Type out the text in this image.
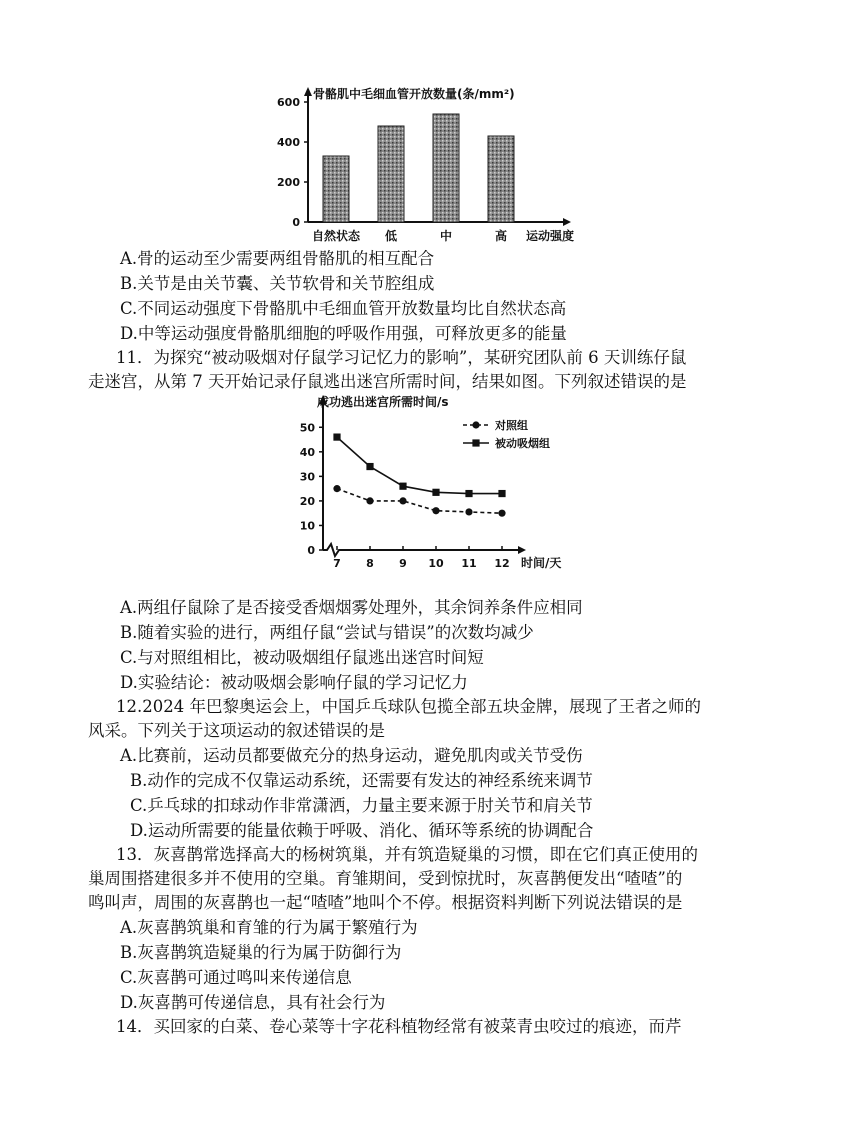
0
200
400
600
自然状态 低	中	高
骨骼肌中毛细血管开放数量(条/mm²)
运动强度
A.骨的运动至少需要两组骨骼肌的相互配合
B.关节是由关节囊、关节软骨和关节腔组成
C.不同运动强度下骨骼肌中毛细血管开放数量均比自然状态高
D.中等运动强度骨骼肌细胞的呼吸作用强，可释放更多的能量
11．为探究“被动吸烟对仔鼠学习记忆力的影响”，某研究团队前 6 天训练仔鼠
走迷宫，从第 7 天开始记录仔鼠逃出迷宫所需时间，结果如图。下列叙述错误的是
0
10
20
30
40
50
7 8 9 10 11 12
对照组
被动吸烟组
成功逃出迷宫所需时间/s
时间/天
A.两组仔鼠除了是否接受香烟烟雾处理外，其余饲养条件应相同
B.随着实验的进行，两组仔鼠“尝试与错误”的次数均减少
C.与对照组相比，被动吸烟组仔鼠逃出迷宫时间短
D.实验结论：被动吸烟会影响仔鼠的学习记忆力
12.2024 年巴黎奥运会上，中国乒乓球队包揽全部五块金牌，展现了王者之师的
风采。下列关于这项运动的叙述错误的是
A.比赛前，运动员都要做充分的热身运动，避免肌肉或关节受伤
B.动作的完成不仅靠运动系统，还需要有发达的神经系统来调节
C.乒乓球的扣球动作非常潇洒，力量主要来源于肘关节和肩关节
D.运动所需要的能量依赖于呼吸、消化、循环等系统的协调配合
13．灰喜鹊常选择高大的杨树筑巢，并有筑造疑巢的习惯，即在它们真正使用的
巢周围搭建很多并不使用的空巢。育雏期间，受到惊扰时，灰喜鹊便发出“喳喳”的
鸣叫声，周围的灰喜鹊也一起“喳喳”地叫个不停。根据资料判断下列说法错误的是
A.灰喜鹊筑巢和育雏的行为属于繁殖行为
B.灰喜鹊筑造疑巢的行为属于防御行为
C.灰喜鹊可通过鸣叫来传递信息
D.灰喜鹊可传递信息，具有社会行为
14．买回家的白菜、卷心菜等十字花科植物经常有被菜青虫咬过的痕迹，而芹
